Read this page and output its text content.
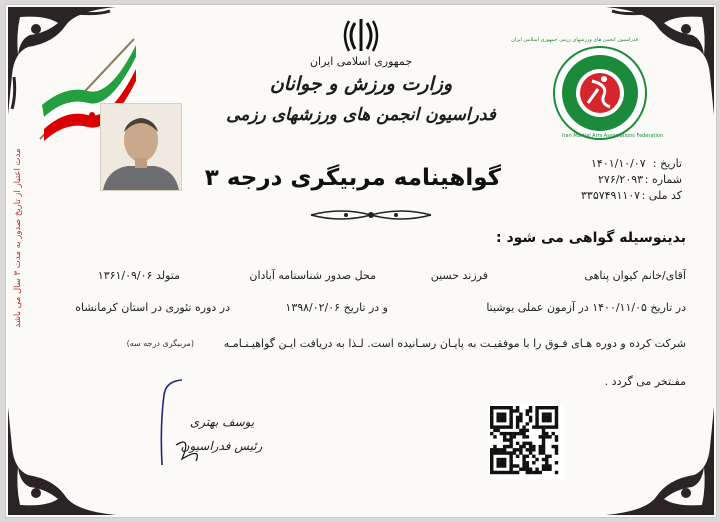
جمهوری اسلامی ایران
وزارت ورزش و جوانان
فدراسیون انجمن های ورزشهای رزمی
گواهینامه مربیگری درجه ۳
Iran Martial Arts Associations Federation
فدراسیون انجمن های ورزشهای رزمی جمهوری اسلامی ایران
تاریخ :
۱۴۰۱/۱۰/۰۷
شماره :
۲۷۶/۲۰۹۳
کد ملی :
۳۳۵۷۴۹۱۱۰۷
مدت اعتبار از تاریخ صدور به مدت ۳ سال می باشد	بدینوسیله گواهی می شود :
آقای/خانم کیوان پناهی
فرزند حسین
محل صدور شناسنامه آبادان
متولد ۱۳۶۱/۰۹/۰۶
در تاریخ ۱۴۰۰/۱۱/۰۵ در آزمون عملی یوشیتا
و در تاریخ ۱۳۹۸/۰۲/۰۶
در دوره تئوری در استان کرمانشاه
شرکت کرده و دوره هـای فـوق را با موفقیـت به پایـان رسـانیده است. لـذا به دریافت ایـن گواهیـنـامـه
(مربیگری درجه سه)
مفـتخر می گردد .
یوسف بهتری
رئیس فدراسیون
